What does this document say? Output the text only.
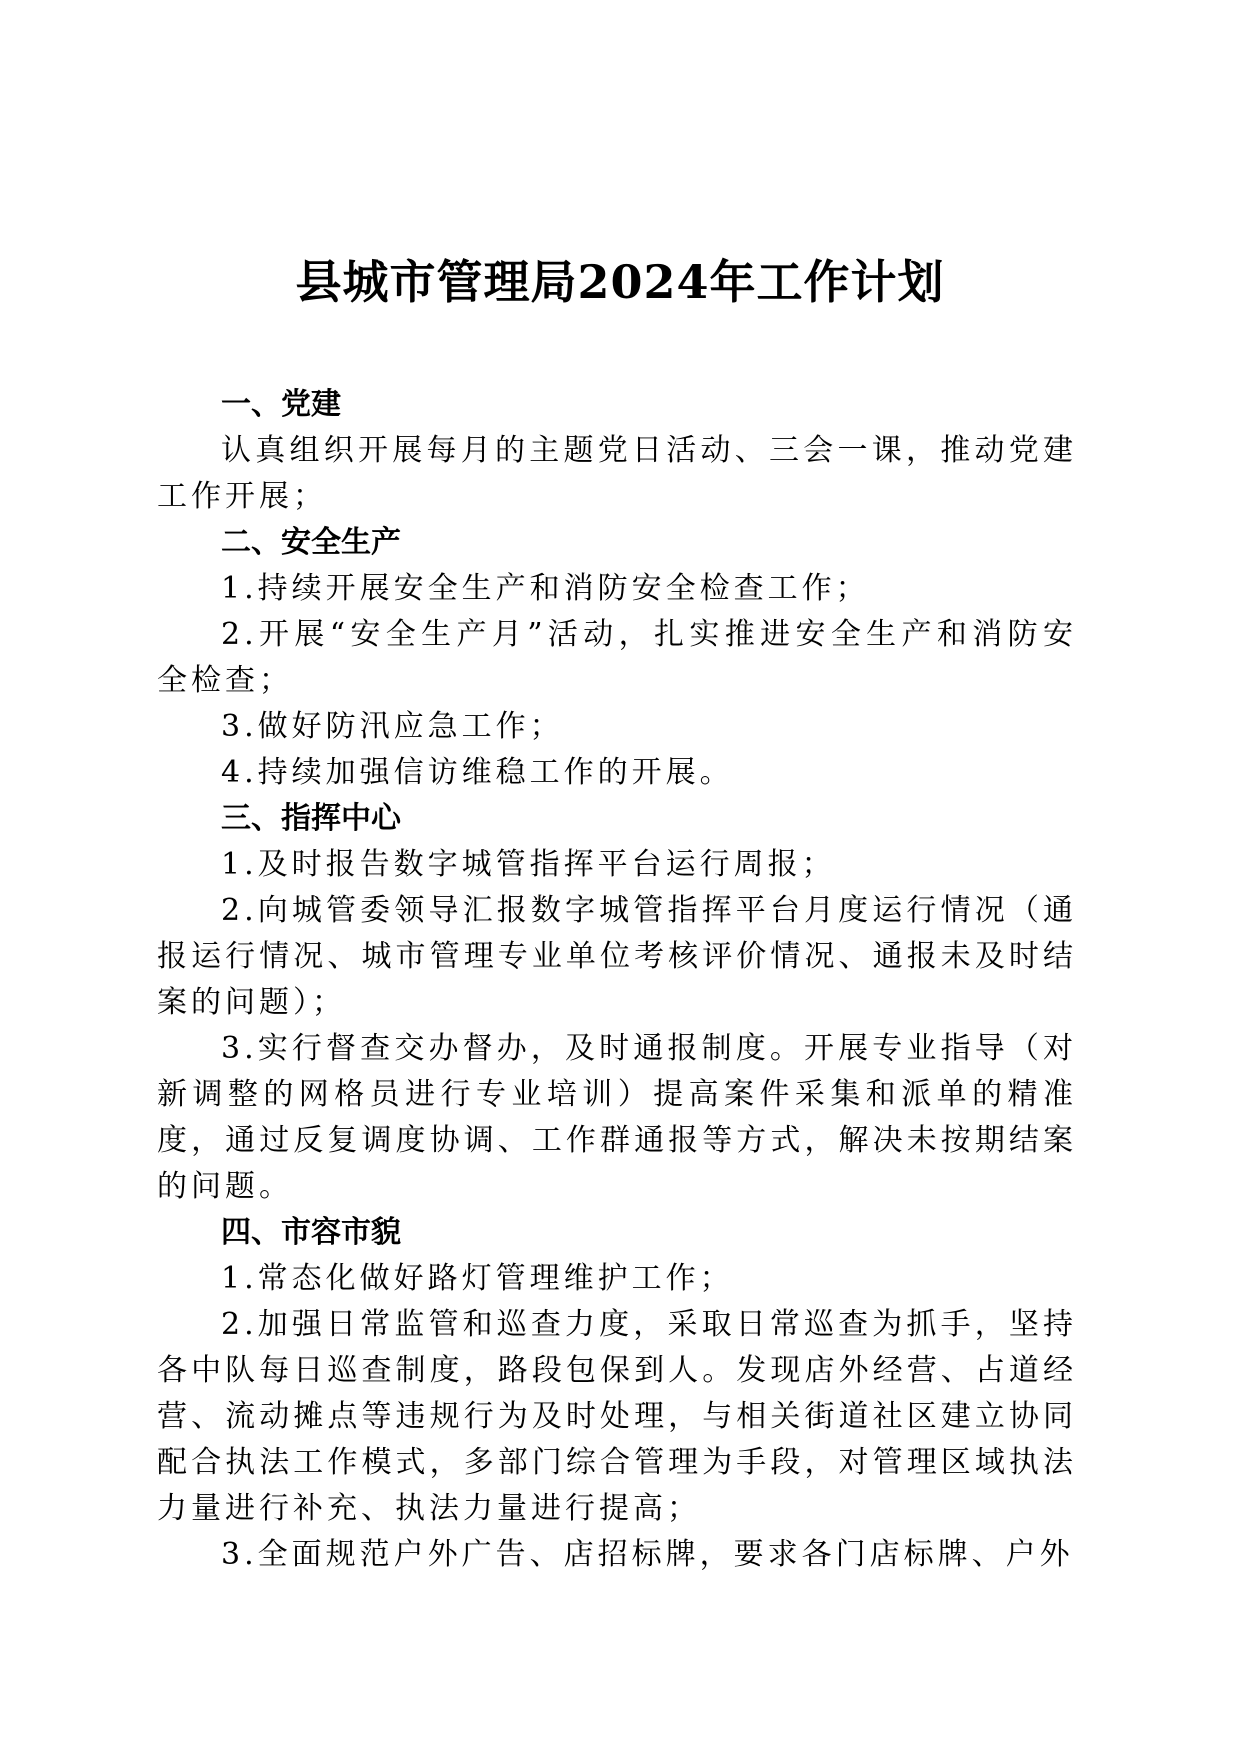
县城市管理局2024年工作计划
一、党建
认真组织开展每月的主题党日活动、三会一课，推动党建工作开展；
二、安全生产
1.持续开展安全生产和消防安全检查工作；
2.开展“安全生产月”活动，扎实推进安全生产和消防安全检查；
3.做好防汛应急工作；
4.持续加强信访维稳工作的开展。
三、指挥中心
1.及时报告数字城管指挥平台运行周报；
2.向城管委领导汇报数字城管指挥平台月度运行情况（通报运行情况、城市管理专业单位考核评价情况、通报未及时结案的问题）；
3.实行督查交办督办，及时通报制度。开展专业指导（对新调整的网格员进行专业培训）提高案件采集和派单的精准度，通过反复调度协调、工作群通报等方式，解决未按期结案的问题。
四、市容市貌
1.常态化做好路灯管理维护工作；
2.加强日常监管和巡查力度，采取日常巡查为抓手，坚持各中队每日巡查制度，路段包保到人。发现店外经营、占道经营、流动摊点等违规行为及时处理，与相关街道社区建立协同配合执法工作模式，多部门综合管理为手段，对管理区域执法力量进行补充、执法力量进行提高；
3.全面规范户外广告、店招标牌，要求各门店标牌、户外
